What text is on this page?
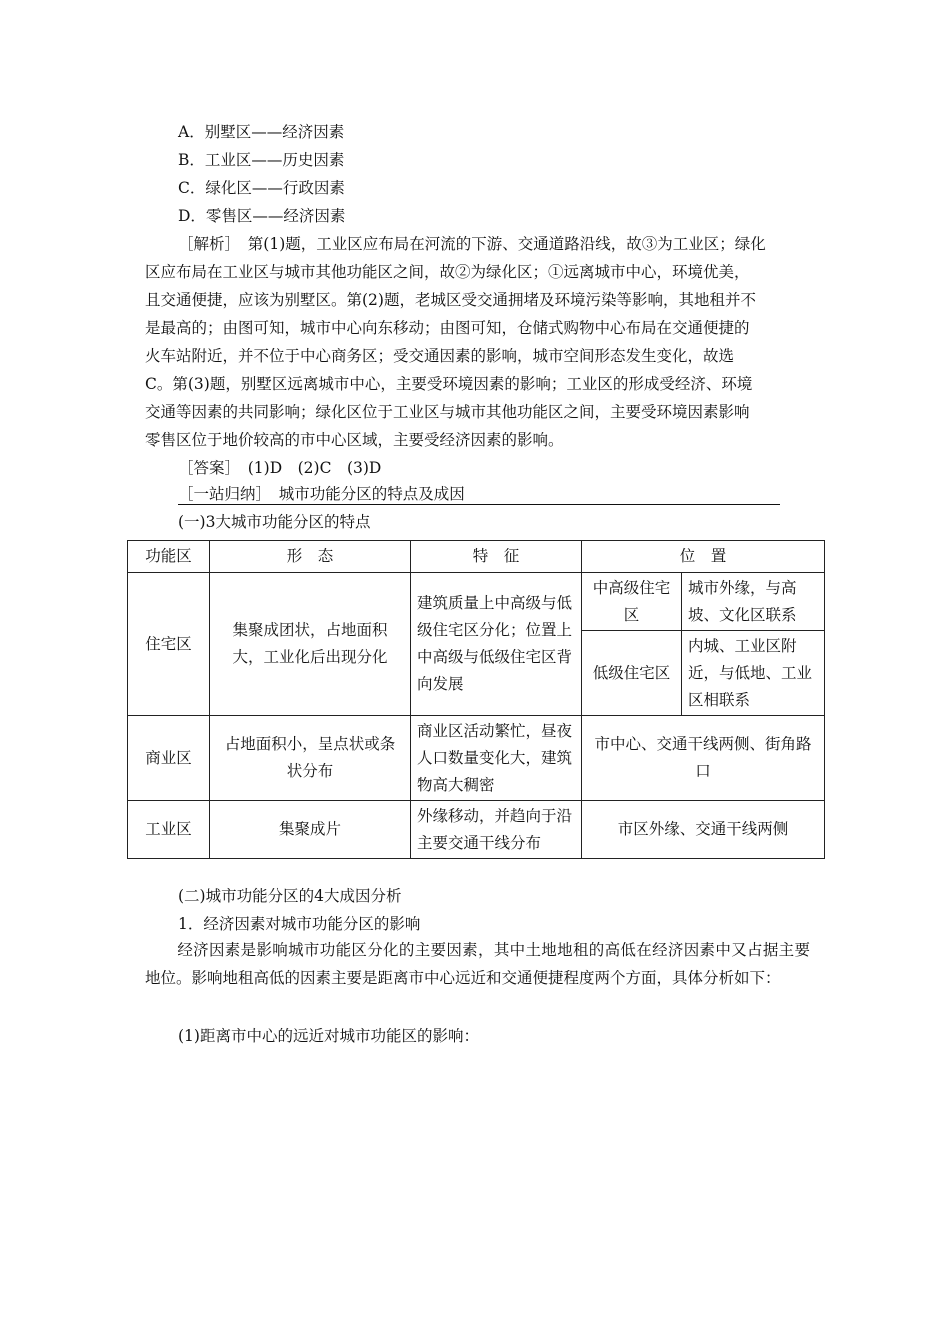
A．别墅区——经济因素
B．工业区——历史因素
C．绿化区——行政因素
D．零售区——经济因素
［解析］　 第(1)题，工业区应布局在河流的下游、交通道路沿线，故③为工业区；绿化
区应布局在工业区与城市其他功能区之间，故②为绿化区；①远离城市中心，环境优美，
且交通便捷，应该为别墅区。第(2)题，老城区受交通拥堵及环境污染等影响，其地租并不
是最高的；由图可知，城市中心向东移动；由图可知，仓储式购物中心布局在交通便捷的
火车站附近，并不位于中心商务区；受交通因素的影响，城市空间形态发生变化，故选
C。第(3)题，别墅区远离城市中心，主要受环境因素的影响；工业区的形成受经济、环境
交通等因素的共同影响；绿化区位于工业区与城市其他功能区之间，主要受环境因素影响
零售区位于地价较高的市中心区域，主要受经济因素的影响。
［答案］　(1)D　(2)C　(3)D
［一站归纳］　 城市功能分区的特点及成因
(一)3大城市功能分区的特点
功能区	形　态	特　征	位　置	
住宅区	集聚成团状，占地面积大，工业化后出现分化	建筑质量上中高级与低级住宅区分化；位置上中高级与低级住宅区背向发展	中高级住宅区	城市外缘，与高坡、文化区联系
			低级住宅区	内城、工业区附近，与低地、工业区相联系
商业区	占地面积小，呈点状或条状分布	商业区活动繁忙，昼夜人口数量变化大，建筑物高大稠密	市中心、交通干线两侧、街角路口	
工业区	集聚成片	外缘移动，并趋向于沿主要交通干线分布	市区外缘、交通干线两侧	
(二)城市功能分区的4大成因分析
1．经济因素对城市功能分区的影响
经济因素是影响城市功能区分化的主要因素，其中土地地租的高低在经济因素中又占据主要地位。影响地租高低的因素主要是距离市中心远近和交通便捷程度两个方面，具体分析如下：
(1)距离市中心的远近对城市功能区的影响：
